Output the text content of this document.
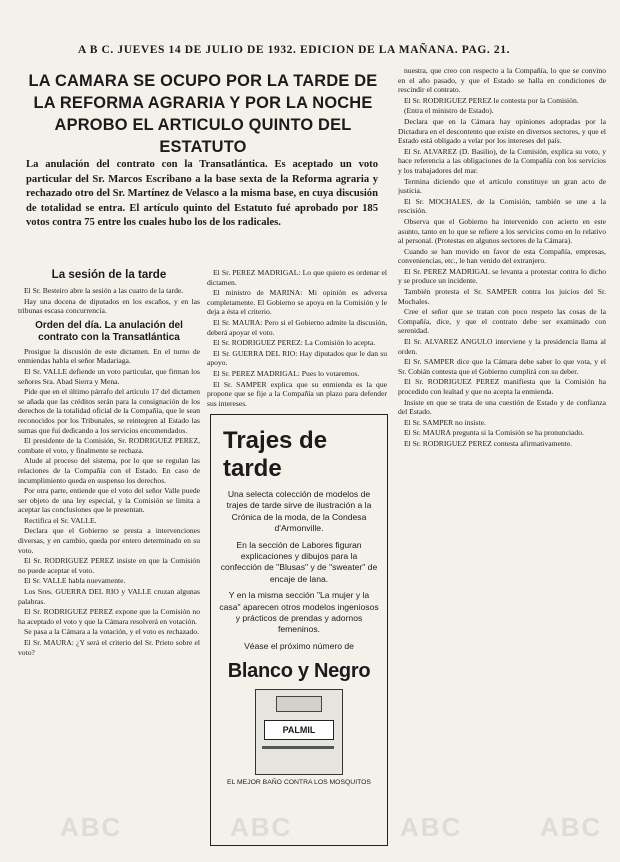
A B C. JUEVES 14 DE JULIO DE 1932. EDICION DE LA MAÑANA. PAG. 21.
LA CAMARA SE OCUPO POR LA TARDE DE LA REFORMA AGRARIA Y POR LA NOCHE APROBO EL ARTICULO QUINTO DEL ESTATUTO
La anulación del contrato con la Transatlántica. Es aceptado un voto particular del Sr. Marcos Escribano a la base sexta de la Reforma agraria y rechazado otro del Sr. Martínez de Velasco a la misma base, en cuya discusión de totalidad se entra. El artículo quinto del Estatuto fué aprobado por 185 votos contra 75 entre los cuales hubo los de los radicales.
La sesión de la tarde

El Sr. Besteiro abre la sesión a las cuatro de la tarde.

Hay una docena de diputados en los escaños, y en las tribunas escasa concurrencia.

Orden del día. La anulación del contrato con la Transatlántica

Prosigue la discusión de este dictamen. En el turno de enmiendas habla el señor Madariaga.

El Sr. VALLE defiende un voto particular, que firman los señores Sra. Abad Sierra y Mena.

Pide que en el último párrafo del artículo 17 del dictamen se añada que las créditos serán para la consignación de los derechos de la totalidad oficial de la Compañía, que le sean reconocidos por los Tribunales, se reintegren al Estado las sumas que fui dedicando a los servicios encomendados.

El presidente de la Comisión, Sr. RODRIGUEZ PEREZ, combate el voto, y finalmente se rechaza.

Alude al proceso del sistema, por lo que se regulan las relaciones de la Compañía con el Estado. En caso de incumplimiento queda en suspenso los derechos.

Por otra parte, entiende que el voto del señor Valle puede ser objeto de una ley especial, y la Comisión se limita a aceptar las conclusiones que le presentan.

Rectifica el Sr. VALLE.

Declara que el Gobierno se presta a intervenciones diversas, y en cambio, queda por entero determinado en su voto.

El Sr. RODRIGUEZ PEREZ insiste en que la Comisión no puede aceptar el voto.

El Sr. VALLE habla nuevamente.

Los Sres. GUERRA DEL RIO y VALLE cruzan algunas palabras.

El Sr. RODRIGUEZ PEREZ expone que la Comisión no ha aceptado el voto y que la Cámara resolverá en votación.

Se pasa a la Cámara a la votación, y el voto es rechazado.

El Sr. MAURA: ¿Y será el criterio del Sr. Prieto sobre el voto?

El Sr. PEREZ MADRIGAL: Lo que quiero es ordenar el dictamen.

El ministro de MARINA: Mi opinión es adversa completamente. El Gobierno se apoya en la Comisión y le deja a ésta el criterio.

El Sr. MAURA: Pero si el Gobierno admite la discusión, deberá apoyar el voto.

El Sr. RODRIGUEZ PEREZ: La Comisión lo acepta.

El Sr. GUERRA DEL RIO: Hay diputados que le dan su apoyo.

El Sr. PEREZ MADRIGAL: Pues lo votaremos.

El Sr. SAMPER explica que su enmienda es la que propone que se fije a la Compañía un plazo para defender sus intereses.

Trajes de tarde

Una selecta colección de modelos de trajes de tarde sirve de ilustración a la Crónica de la moda, de la Condesa d'Armonville.

En la sección de Labores figuran explicaciones y dibujos para la confección de "Blusas" y de "sweater" de encaje de lana.

Y en la misma sección "La mujer y la casa" aparecen otros modelos ingeniosos y prácticos de prendas y adornos femeninos.

Véase el próximo número de

Blanco y Negro
PALMIL
EL MEJOR BAÑO CONTRA LOS MOSQUITOS

nuestra, que creo con respecto a la Compañía, lo que se convino en el año pasado, y que el Estado se halla en condiciones de rescindir el contrato.

El Sr. RODRIGUEZ PEREZ le contesta por la Comisión.

(Entra el ministro de Estado).

Declara que en la Cámara hay opiniones adoptadas por la Dictadura en el descontento que existe en diversos sectores, y que el Estado está obligado a velar por los intereses del país.

El Sr. ALVAREZ (D. Basilio), de la Comisión, explica su voto, y hace referencia a las obligaciones de la Compañía con los servicios y los trabajadores del mar.

Termina diciendo que el artículo constituye un gran acto de justicia.

El Sr. MOCHALES, de la Comisión, también se une a la rescisión.

Observa que el Gobierno ha intervenido con acierto en este asunto, tanto en lo que se refiere a los servicios como en lo relativo al personal. (Protestas en algunos sectores de la Cámara).

Cuando se han movido en favor de esta Compañía, empresas, conveniencias, etc., le han venido del extranjero.

El Sr. PEREZ MADRIGAL se levanta a protestar contra lo dicho y se produce un incidente.

También protesta el Sr. SAMPER contra los juicios del Sr. Mochales.

Cree el señor que se tratan con poco respeto las cosas de la Compañía, dice, y que el contrato debe ser examinado con serenidad.

El Sr. ALVAREZ ANGULO interviene y la presidencia llama al orden.

El Sr. SAMPER dice que la Cámara debe saber lo que vota, y el Sr. Cobián contesta que el Gobierno cumplirá con su deber.

El Sr. RODRIGUEZ PEREZ manifiesta que la Comisión ha procedido con lealtad y que no acepta la enmienda.

Insiste en que se trata de una cuestión de Estado y de confianza del Estado.

El Sr. SAMPER no insiste.

El Sr. MAURA pregunta si la Comisión se ha pronunciado.

El Sr. RODRIGUEZ PEREZ contesta afirmativamente.

ABC	ABC	ABC	ABC
